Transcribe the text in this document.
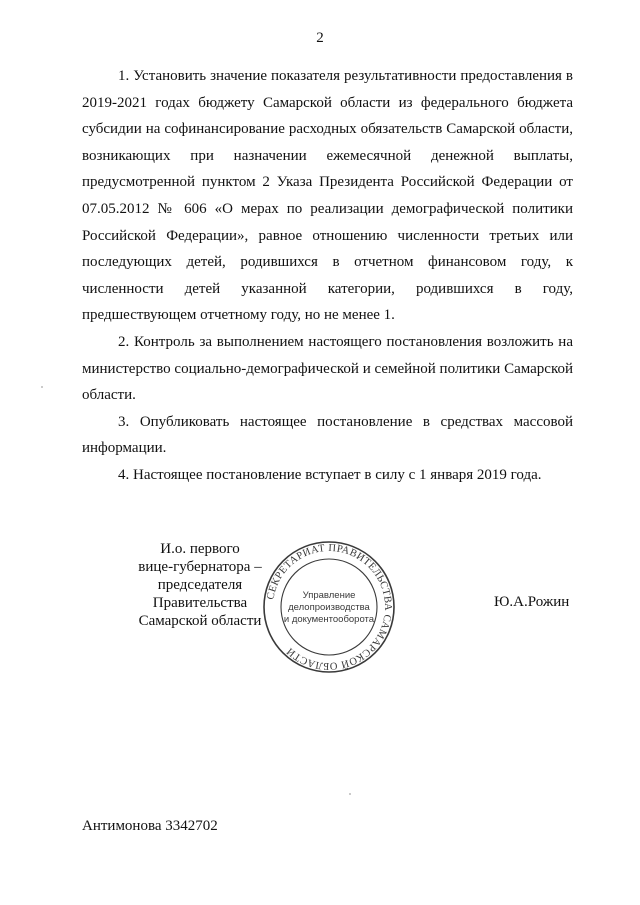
2

1. Установить значение показателя результативности предоставления в 2019-2021 годах бюджету Самарской области из федерального бюджета субсидии на софинансирование расходных обязательств Самарской области, возникающих при назначении ежемесячной денежной выплаты, предусмотренной пунктом 2 Указа Президента Российской Федерации от 07.05.2012 № 606 «О мерах по реализации демографической политики Российской Федерации», равное отношению численности третьих или последующих детей, родившихся в отчетном финансовом году, к численности детей указанной категории, родившихся в году, предшествующем отчетному году, но не менее 1.

2. Контроль за выполнением настоящего постановления возложить на министерство социально-демографической и семейной политики Самарской области.

3. Опубликовать настоящее постановление в средствах массовой информации.

4. Настоящее постановление вступает в силу с 1 января 2019 года.

И.о. первого
вице-губернатора –
председателя Правительства
Самарской области
СЕКРЕТАРИАТ ПРАВИТЕЛЬСТВА САМАРСКОЙ ОБЛАСТИ
Управление
делопроизводства
и документооборота
Ю.А.Рожин
Антимонова 3342702
